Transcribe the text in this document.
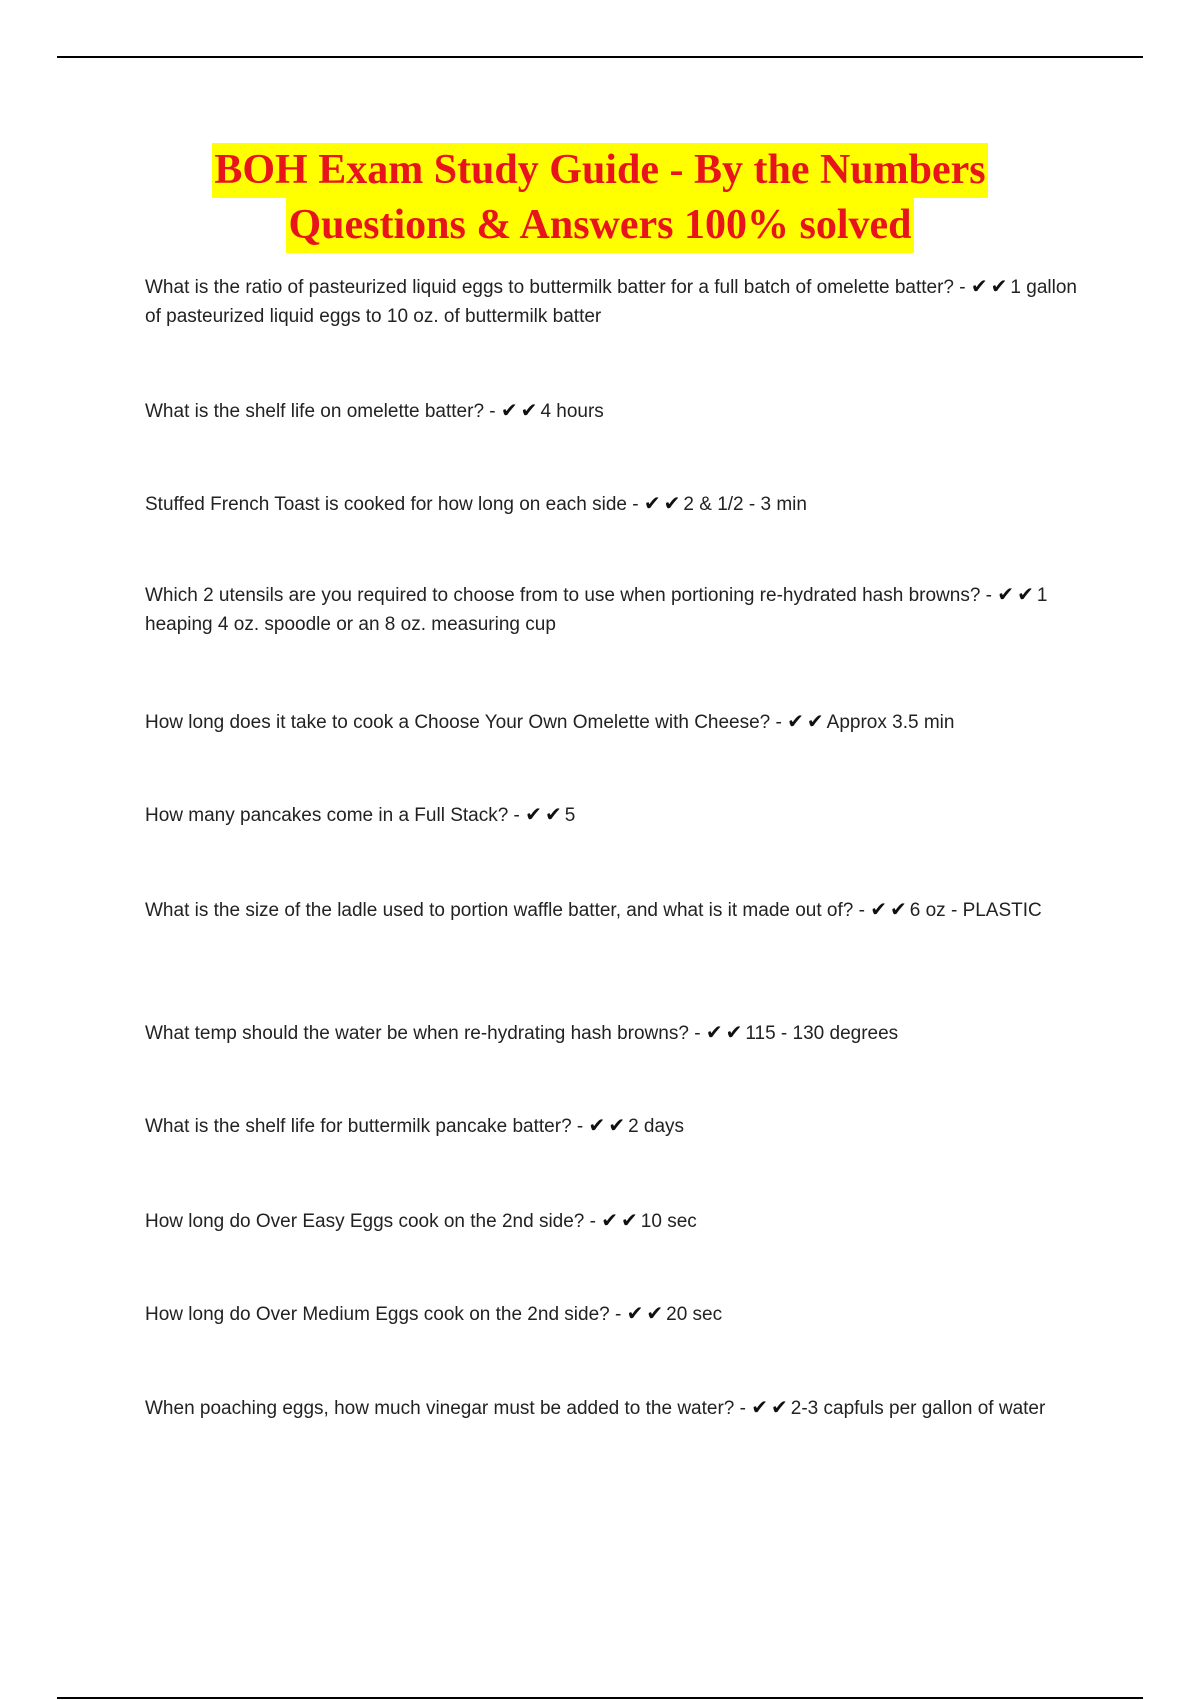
BOH Exam Study Guide - By the Numbers
Questions & Answers 100% solved
What is the ratio of pasteurized liquid eggs to buttermilk batter for a full batch of omelette batter? - ✔ ✔ 1 gallon of pasteurized liquid eggs to 10 oz. of buttermilk batter
What is the shelf life on omelette batter? - ✔ ✔ 4 hours
Stuffed French Toast is cooked for how long on each side - ✔ ✔ 2 & 1/2 - 3 min
Which 2 utensils are you required to choose from to use when portioning re-hydrated hash browns? - ✔ ✔ 1 heaping 4 oz. spoodle or an 8 oz. measuring cup
How long does it take to cook a Choose Your Own Omelette with Cheese? - ✔ ✔ Approx 3.5 min
How many pancakes come in a Full Stack? - ✔ ✔ 5
What is the size of the ladle used to portion waffle batter, and what is it made out of? - ✔ ✔ 6 oz - PLASTIC
What temp should the water be when re-hydrating hash browns? - ✔ ✔ 115 - 130 degrees
What is the shelf life for buttermilk pancake batter? - ✔ ✔ 2 days
How long do Over Easy Eggs cook on the 2nd side? - ✔ ✔ 10 sec
How long do Over Medium Eggs cook on the 2nd side? - ✔ ✔ 20 sec
When poaching eggs, how much vinegar must be added to the water? - ✔ ✔ 2-3 capfuls per gallon of water
